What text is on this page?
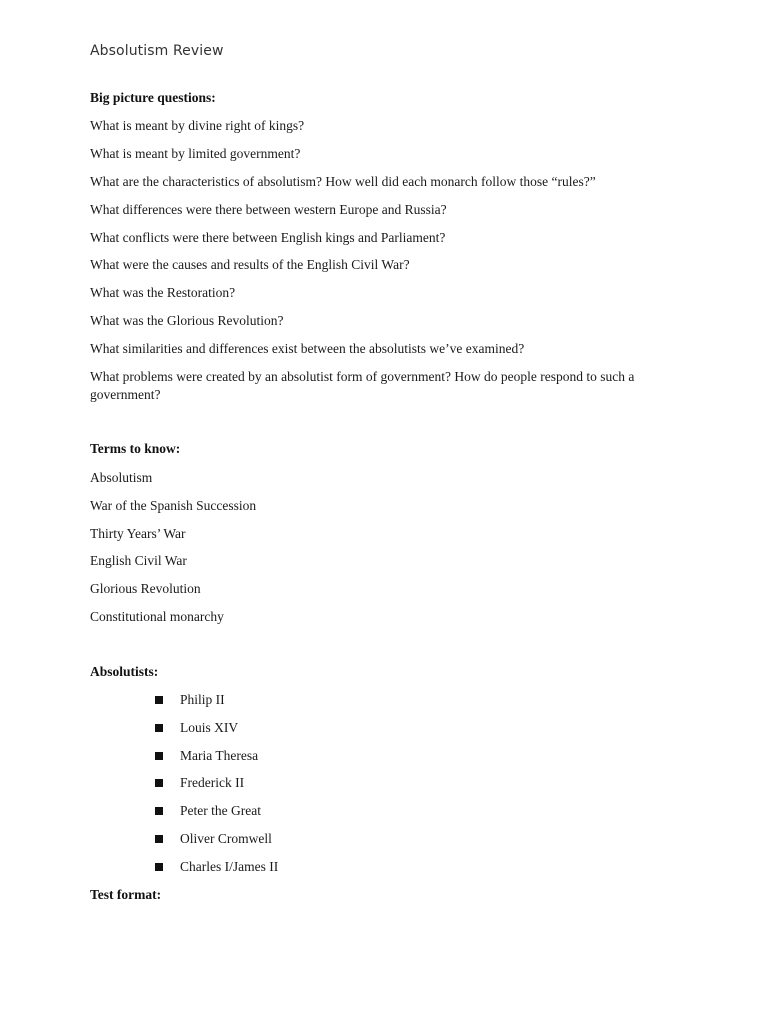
Absolutism Review
Big picture questions:
What is meant by divine right of kings?
What is meant by limited government?
What are the characteristics of absolutism? How well did each monarch follow those “rules?”
What differences were there between western Europe and Russia?
What conflicts were there between English kings and Parliament?
What were the causes and results of the English Civil War?
What was the Restoration?
What was the Glorious Revolution?
What similarities and differences exist between the absolutists we’ve examined?
What problems were created by an absolutist form of government? How do people respond to such a government?
Terms to know:
Absolutism
War of the Spanish Succession
Thirty Years’ War
English Civil War
Glorious Revolution
Constitutional monarchy
Absolutists:
Philip II
Louis XIV
Maria Theresa
Frederick II
Peter the Great
Oliver Cromwell
Charles I/James II
Test format:
